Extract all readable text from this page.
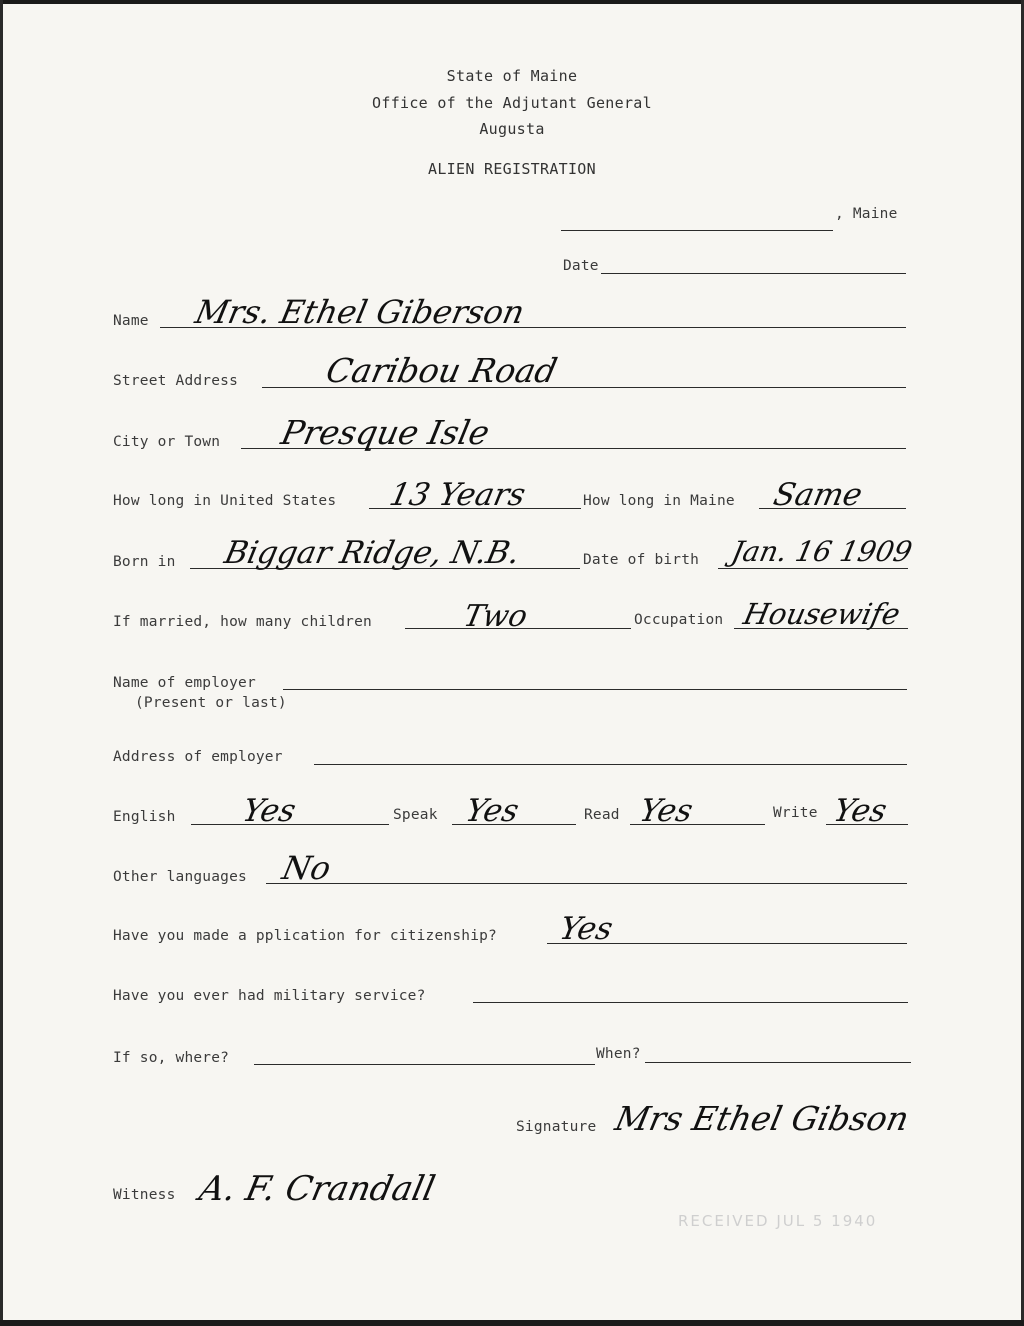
State of Maine
Office of the Adjutant General
Augusta
ALIEN REGISTRATION
, Maine
Date
Name Mrs. Ethel Giberson
Street Address	Caribou Road
City or Town Presque Isle
How long in United States 13 Years	How long in Maine Same
Born in Biggar Ridge, N.B.	Date of birth Jan. 16 1909
If married, how many children	Two	Occupation Housewife
Name of employer
(Present or last)
Address of employer
English Yes	Speak Yes	Read Yes	Write Yes
Other languages No
Have you made a pplication for citizenship? Yes
Have you ever had military service?
If so, where?	When?
Signature Mrs Ethel Gibson
Witness A. F. Crandall
RECEIVED JUL 5 1940
